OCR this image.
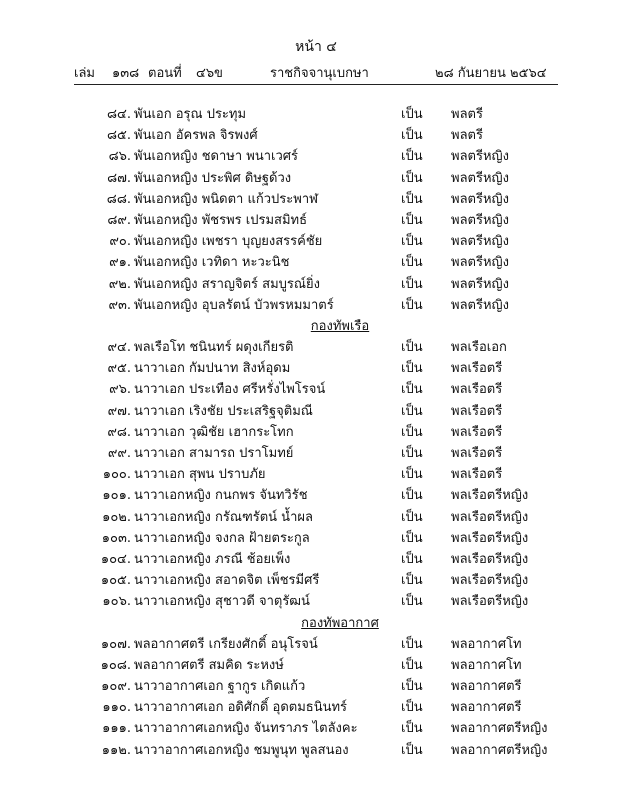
หน้า ๔
เล่ม ๑๓๘ ตอนที่ ๔๖ ข	ราชกิจจานุเบกษา	๒๘ กันยายน ๒๕๖๔
๘๔. พันเอก อรุณ ประทุม	เป็น พลตรี
๘๕. พันเอก อัครพล จิรพงศ์	เป็น พลตรี
๘๖. พันเอกหญิง ชดาษา พนาเวศร์	เป็น พลตรีหญิง
๘๗. พันเอกหญิง ประพิศ ดิษฐด้วง	เป็น พลตรีหญิง
๘๘. พันเอกหญิง พนิดตา แก้วประพาฬ	เป็น พลตรีหญิง
๘๙. พันเอกหญิง พัชรพร เปรมสมิทธ์	เป็น พลตรีหญิง
๙๐. พันเอกหญิง เพชรา บุญยงสรรค์ชัย	เป็น พลตรีหญิง
๙๑. พันเอกหญิง เวทิดา หะวะนิช	เป็น พลตรีหญิง
๙๒. พันเอกหญิง สราญจิตร์ สมบูรณ์ยิ่ง	เป็น พลตรีหญิง
๙๓. พันเอกหญิง อุบลรัตน์ บัวพรหมมาตร์	เป็น พลตรีหญิง
กองทัพเรือ
๙๔. พลเรือโท ชนินทร์ ผดุงเกียรติ	เป็น พลเรือเอก
๙๕. นาวาเอก กัมปนาท สิงห์อุดม	เป็น พลเรือตรี
๙๖. นาวาเอก ประเทือง ศรีหรั่งไพโรจน์	เป็น พลเรือตรี
๙๗. นาวาเอก เริงชัย ประเสริฐจุติมณี	เป็น พลเรือตรี
๙๘. นาวาเอก วุฒิชัย เฮากระโทก	เป็น พลเรือตรี
๙๙. นาวาเอก สามารถ ปราโมทย์	เป็น พลเรือตรี
๑๐๐. นาวาเอก สุพน ปราบภัย	เป็น พลเรือตรี
๑๐๑. นาวาเอกหญิง กนกพร จันทวิรัช	เป็น พลเรือตรีหญิง
๑๐๒. นาวาเอกหญิง กรัณฑรัตน์ น้ำผล	เป็น พลเรือตรีหญิง
๑๐๓. นาวาเอกหญิง จงกล ฝ้ายตระกูล	เป็น พลเรือตรีหญิง
๑๐๔. นาวาเอกหญิง ภรณี ช้อยเพ็ง	เป็น พลเรือตรีหญิง
๑๐๕. นาวาเอกหญิง สอาดจิต เพ็ชรมีศรี	เป็น พลเรือตรีหญิง
๑๐๖. นาวาเอกหญิง สุชาวดี จาตุรัฒน์	เป็น พลเรือตรีหญิง
กองทัพอากาศ
๑๐๗. พลอากาศตรี เกรียงศักดิ์ อนุโรจน์	เป็น พลอากาศโท
๑๐๘. พลอากาศตรี สมคิด ระหงษ์	เป็น พลอากาศโท
๑๐๙. นาวาอากาศเอก ฐากูร เกิดแก้ว	เป็น พลอากาศตรี
๑๑๐. นาวาอากาศเอก อดิศักดิ์ อุดตมธนินทร์	เป็น พลอากาศตรี
๑๑๑. นาวาอากาศเอกหญิง จันทราภร ไตลังคะ	เป็น พลอากาศตรีหญิง
๑๑๒. นาวาอากาศเอกหญิง ชมพูนุท พูลสนอง	เป็น พลอากาศตรีหญิง
